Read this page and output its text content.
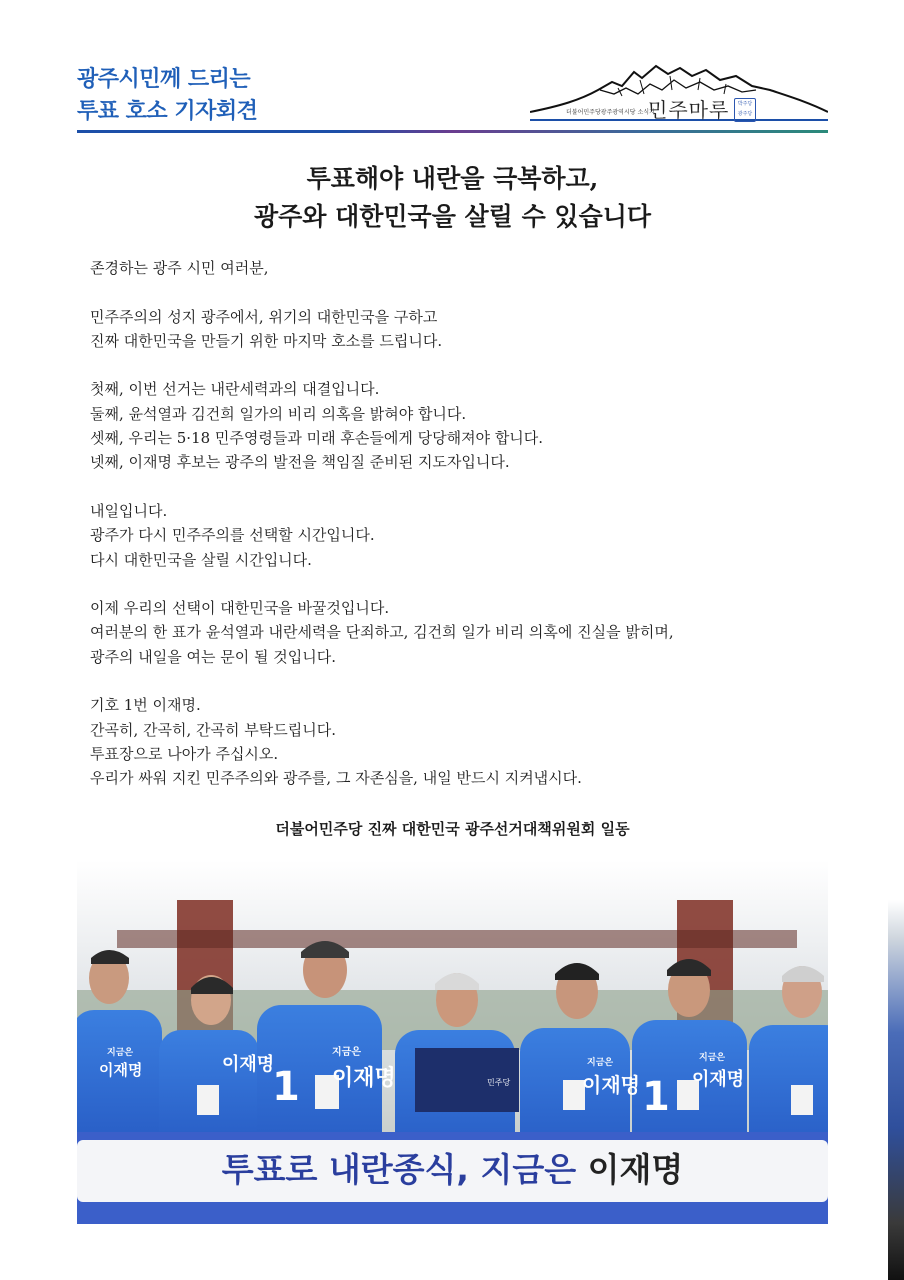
광주시민께 드리는
투표 호소 기자회견	더불어민주당광주광역시당 소식지
민주마루	박주당
광주당
투표해야 내란을 극복하고,
광주와 대한민국을 살릴 수 있습니다
존경하는 광주 시민 여러분,
민주주의의 성지 광주에서, 위기의 대한민국을 구하고
진짜 대한민국을 만들기 위한 마지막 호소를 드립니다.
첫째, 이번 선거는 내란세력과의 대결입니다.
둘째, 윤석열과 김건희 일가의 비리 의혹을 밝혀야 합니다.
셋째, 우리는 5·18 민주영령들과 미래 후손들에게 당당해져야 합니다.
넷째, 이재명 후보는 광주의 발전을 책임질 준비된 지도자입니다.
내일입니다.
광주가 다시 민주주의를 선택할 시간입니다.
다시 대한민국을 살릴 시간입니다.
이제 우리의 선택이 대한민국을 바꿀것입니다.
여러분의 한 표가 윤석열과 내란세력을 단죄하고, 김건희 일가 비리 의혹에 진실을 밝히며,
광주의 내일을 여는 문이 될 것입니다.
기호 1번 이재명.
간곡히, 간곡히, 간곡히 부탁드립니다.
투표장으로 나아가 주십시오.
우리가 싸워 지킨 민주주의와 광주를, 그 자존심을, 내일 반드시 지켜냅시다.
더불어민주당 진짜 대한민국 광주선거대책위원회 일동
민주당
지금은
이재명
지금은
이재명
1
이재명	지금은
이재명
지금은
이재명
1
투표로 내란종식, 지금은 이재명
